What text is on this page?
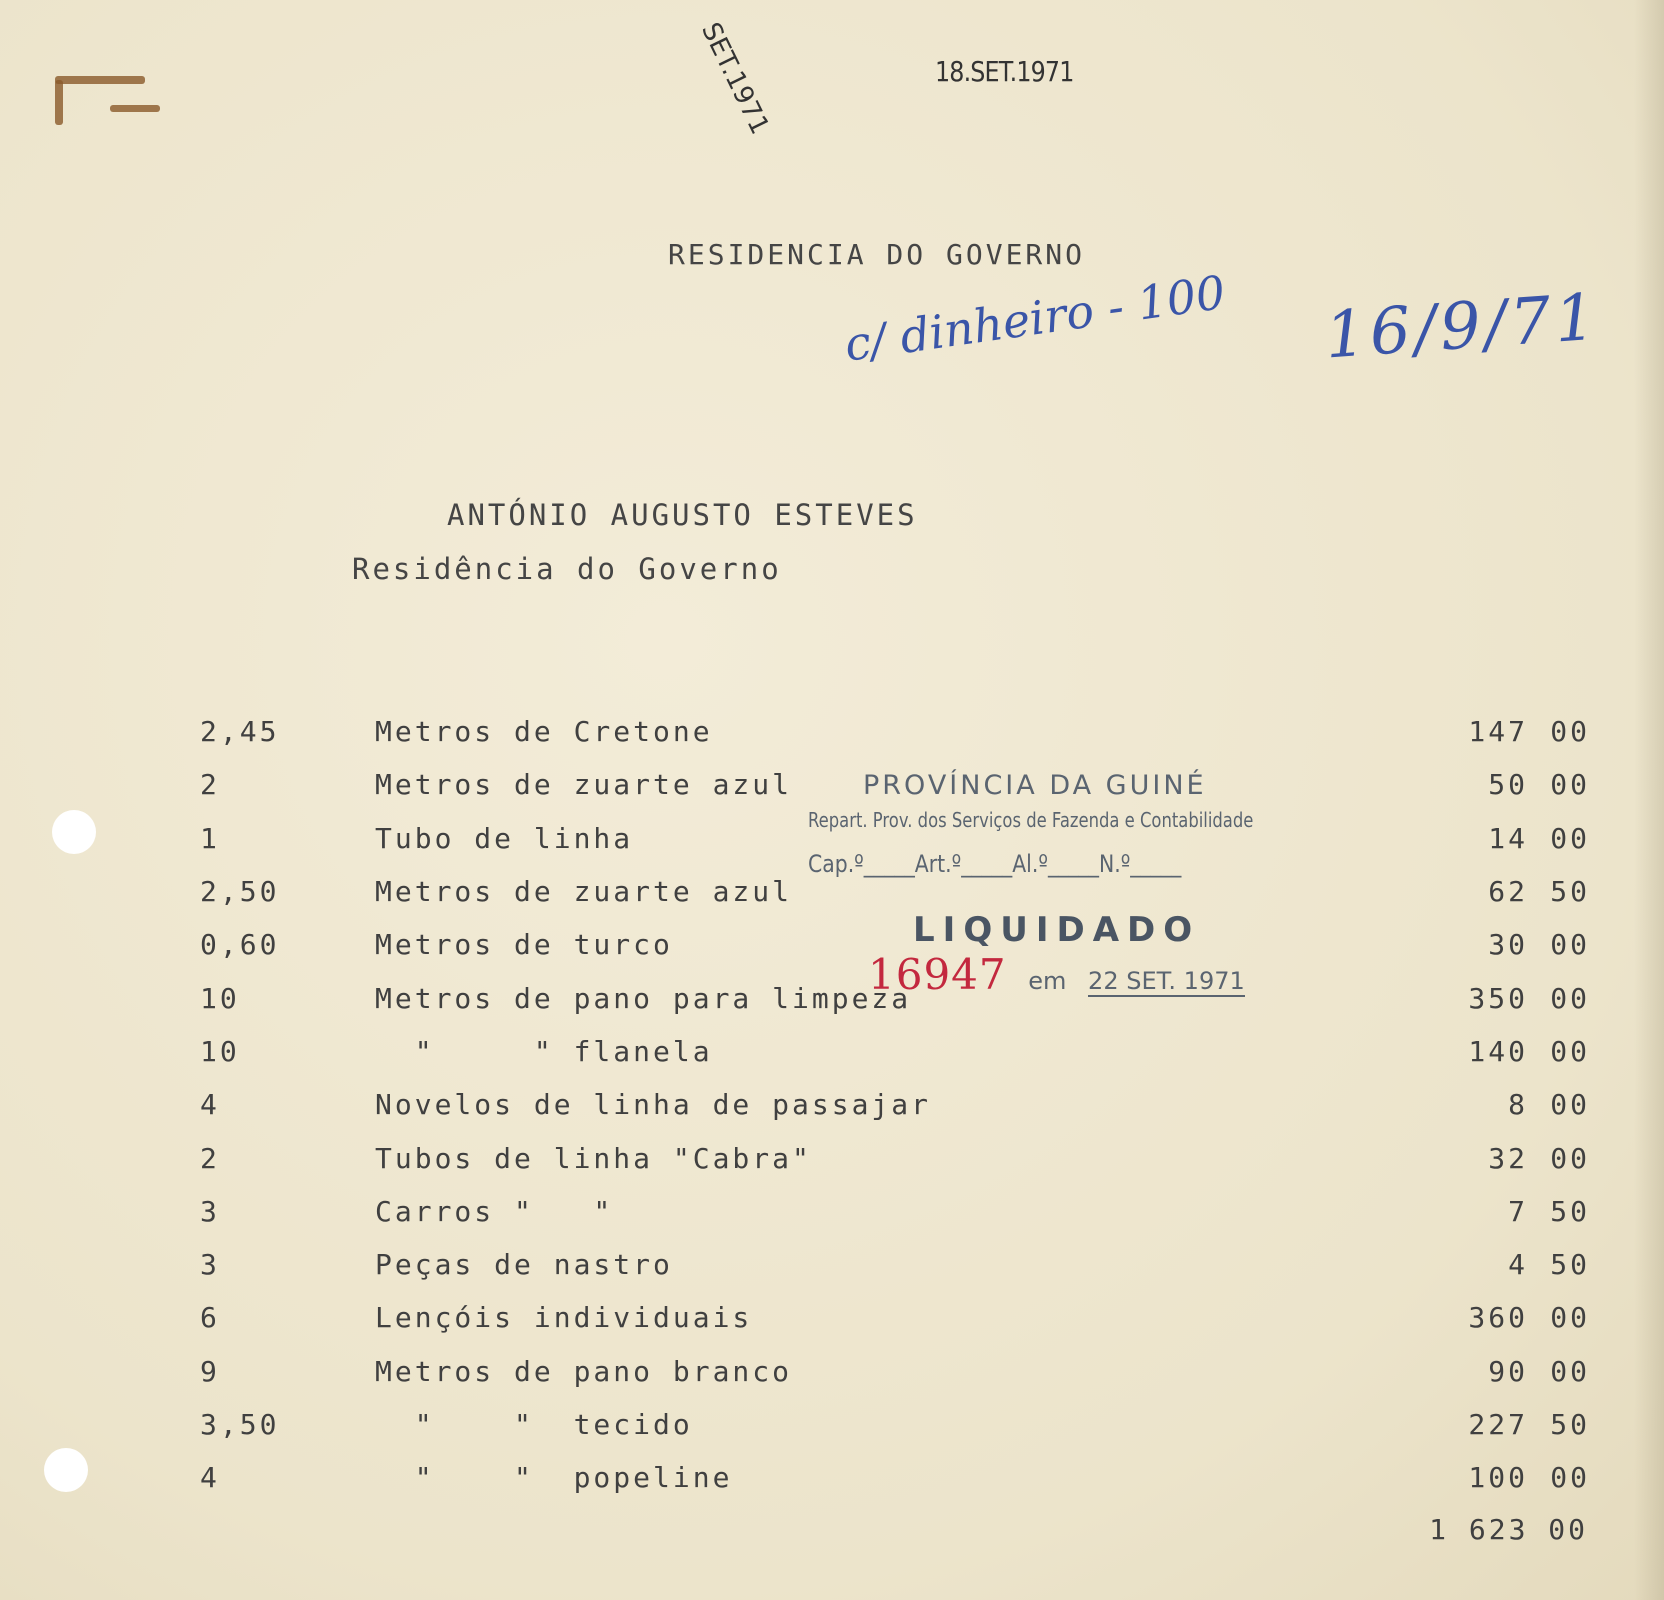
SET.1971	18.SET.1971
RESIDENCIA DO GOVERNO
c/ dinheiro - 100 16/9/71
ANTÓNIO AUGUSTO ESTEVES
Residência do Governo
2,45	Metros de Cretone	147 00
2	Metros de zuarte azul	50 00
1	Tubo de linha	14 00
2,50	Metros de zuarte azul	62 50
0,60	Metros de turco	30 00
10	Metros de pano para limpeza	350 00
10	"     " flanela	140 00
4	Novelos de linha de passajar	8 00
2	Tubos de linha "Cabra"	32 00
3	Carros "   "	7 50
3	Peças de nastro	4 50
6	Lençóis individuais	360 00
9	Metros de pano branco	90 00
3,50	"    "  tecido	227 50
4	"    "  popeline	100 00
1 623 00
PROVÍNCIA DA GUINÉ
Repart. Prov. dos Serviços de Fazenda e Contabilidade
Cap.º_____Art.º_____Al.º_____N.º_____
LIQUIDADO
16947 em 22 SET. 1971
